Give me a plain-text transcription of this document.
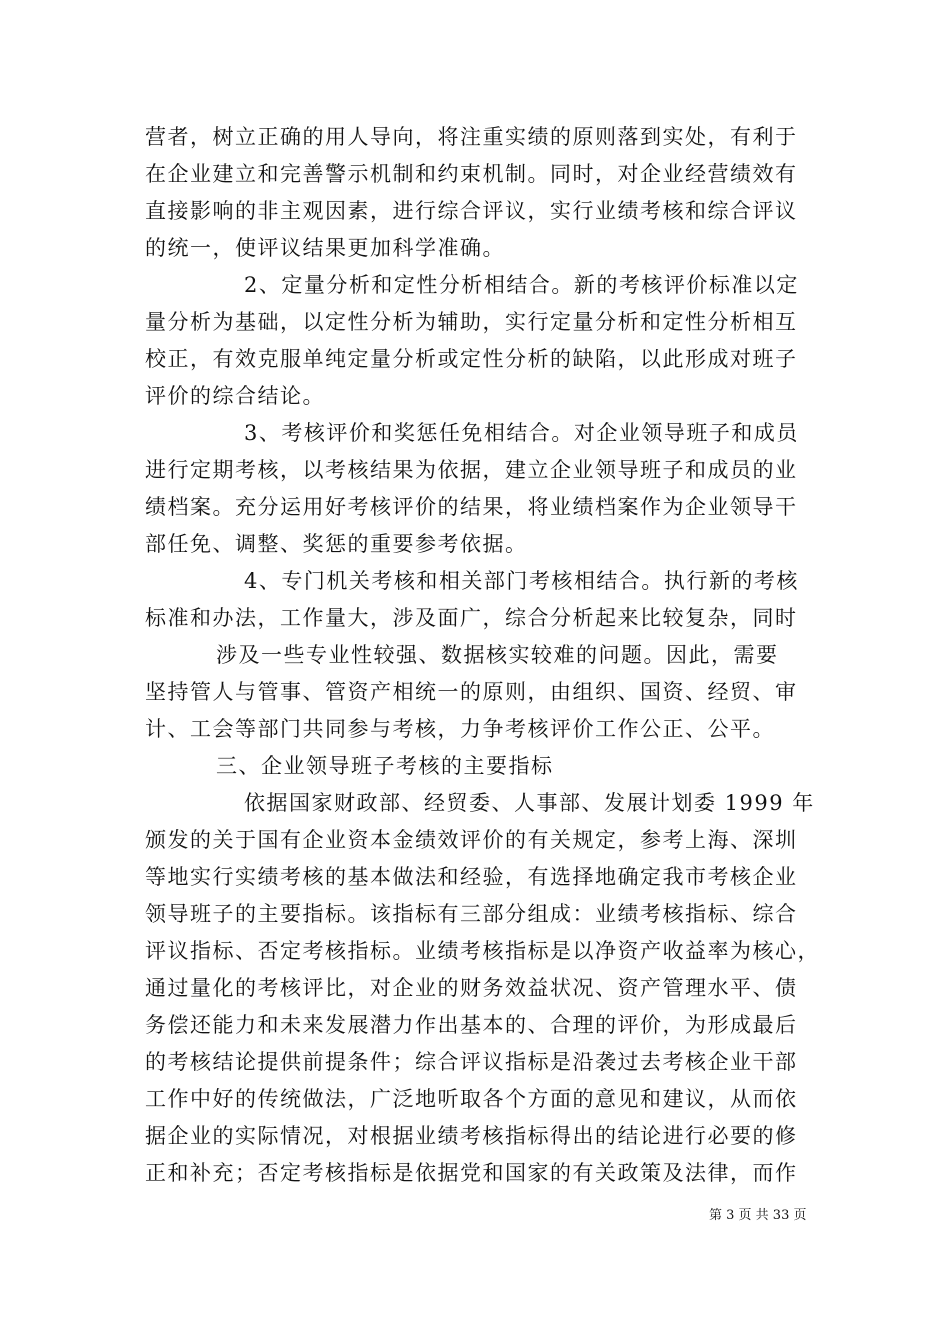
营者，树立正确的用人导向，将注重实绩的原则落到实处，有利于
在企业建立和完善警示机制和约束机制。同时，对企业经营绩效有
直接影响的非主观因素，进行综合评议，实行业绩考核和综合评议
的统一，使评议结果更加科学准确。
2、定量分析和定性分析相结合。新的考核评价标准以定
量分析为基础，以定性分析为辅助，实行定量分析和定性分析相互
校正，有效克服单纯定量分析或定性分析的缺陷，以此形成对班子
评价的综合结论。
3、考核评价和奖惩任免相结合。对企业领导班子和成员
进行定期考核，以考核结果为依据，建立企业领导班子和成员的业
绩档案。充分运用好考核评价的结果，将业绩档案作为企业领导干
部任免、调整、奖惩的重要参考依据。
4、专门机关考核和相关部门考核相结合。执行新的考核
标准和办法，工作量大，涉及面广，综合分析起来比较复杂，同时
涉及一些专业性较强、数据核实较难的问题。因此，需要
坚持管人与管事、管资产相统一的原则，由组织、国资、经贸、审
计、工会等部门共同参与考核，力争考核评价工作公正、公平。
三、企业领导班子考核的主要指标
依据国家财政部、经贸委、人事部、发展计划委 1999 年
颁发的关于国有企业资本金绩效评价的有关规定，参考上海、深圳
等地实行实绩考核的基本做法和经验，有选择地确定我市考核企业
领导班子的主要指标。该指标有三部分组成：业绩考核指标、综合
评议指标、否定考核指标。业绩考核指标是以净资产收益率为核心，
通过量化的考核评比，对企业的财务效益状况、资产管理水平、债
务偿还能力和未来发展潜力作出基本的、合理的评价，为形成最后
的考核结论提供前提条件；综合评议指标是沿袭过去考核企业干部
工作中好的传统做法，广泛地听取各个方面的意见和建议，从而依
据企业的实际情况，对根据业绩考核指标得出的结论进行必要的修
正和补充；否定考核指标是依据党和国家的有关政策及法律，而作
第 3 页 共 33 页
